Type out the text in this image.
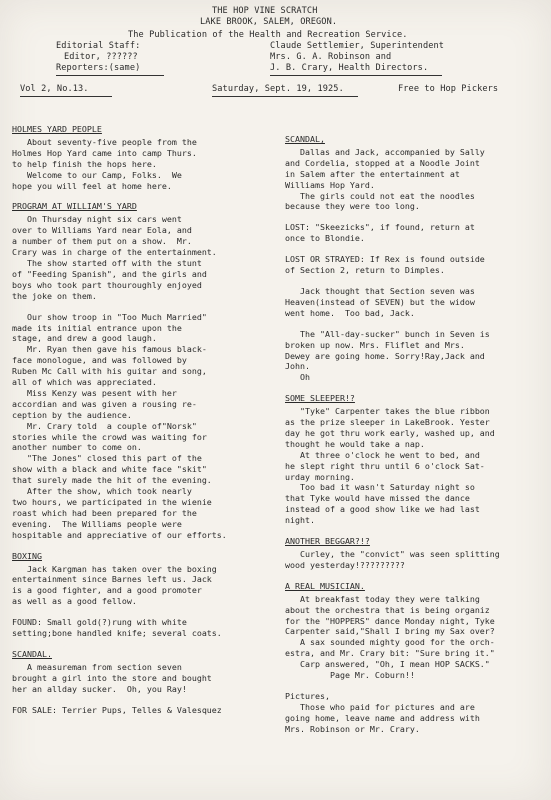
THE HOP VINE SCRATCH
LAKE BROOK, SALEM, OREGON.
The Publication of the Health and Recreation Service.
Editorial Staff:
Editor, ??????
Reporters:(same)
Claude Settlemier, Superintendent
Mrs. G. A. Robinson and
J. B. Crary, Health Directors.
Vol 2, No.13.	Saturday, Sept. 19, 1925.	Free to Hop Pickers
HOLMES YARD PEOPLE
About seventy-five people from the
Holmes Hop Yard came into camp Thurs.
to help finish the hops here.
Welcome to our Camp, Folks.  We
hope you will feel at home here.
PROGRAM AT WILLIAM'S YARD
On Thursday night six cars went
over to Williams Yard near Eola, and
a number of them put on a show.  Mr.
Crary was in charge of the entertainment.
The show started off with the stunt
of "Feeding Spanish", and the girls and
boys who took part thouroughly enjoyed
the joke on them.
Our show troop in "Too Much Married"
made its initial entrance upon the
stage, and drew a good laugh.
Mr. Ryan then gave his famous black-
face monologue, and was followed by
Ruben Mc Call with his guitar and song,
all of which was appreciated.
Miss Kenzy was pesent with her
accordian and was given a rousing re-
ception by the audience.
Mr. Crary told  a couple of"Norsk"
stories while the crowd was waiting for
another number to come on.
"The Jones" closed this part of the
show with a black and white face "skit"
that surely made the hit of the evening.
After the show, which took nearly
two hours, we participated in the wienie
roast which had been prepared for the
evening.  The Williams people were
hospitable and appreciative of our efforts.
BOXING
Jack Kargman has taken over the boxing
entertainment since Barnes left us. Jack
is a good fighter, and a good promoter
as well as a good fellow.
FOUND: Small gold(?)rung with white
setting;bone handled knife; several coats.
SCANDAL.
A measureman from section seven
brought a girl into the store and bought
her an allday sucker.  Oh, you Ray!
FOR SALE: Terrier Pups, Telles & Valesquez
SCANDAL,
Dallas and Jack, accompanied by Sally
and Cordelia, stopped at a Noodle Joint
in Salem after the entertainment at
Williams Hop Yard.
The girls could not eat the noodles
because they were too long.
LOST: "Skeezicks", if found, return at
once to Blondie.
LOST OR STRAYED: If Rex is found outside
of Section 2, return to Dimples.
Jack thought that Section seven was
Heaven(instead of SEVEN) but the widow
went home.  Too bad, Jack.
The "All-day-sucker" bunch in Seven is
broken up now. Mrs. Fliflet and Mrs.
Dewey are going home. Sorry!Ray,Jack and
John.
Oh
SOME SLEEPER!?
"Tyke" Carpenter takes the blue ribbon
as the prize sleeper in LakeBrook. Yester
day he got thru work early, washed up, and
thought he would take a nap.
At three o'clock he went to bed, and
he slept right thru until 6 o'clock Sat-
urday morning.
Too bad it wasn't Saturday night so
that Tyke would have missed the dance
instead of a good show like we had last
night.
ANOTHER BEGGAR?!?
Curley, the "convict" was seen splitting
wood yesterday!?????????
A REAL MUSICIAN.
At breakfast today they were talking
about the orchestra that is being organiz
for the "HOPPERS" dance Monday night, Tyke
Carpenter said,"Shall I bring my Sax over?
A sax sounded mighty good for the orch-
estra, and Mr. Crary bit: "Sure bring it."
Carp answered, "Oh, I mean HOP SACKS."
Page Mr. Coburn!!
Pictures,
Those who paid for pictures and are
going home, leave name and address with
Mrs. Robinson or Mr. Crary.
